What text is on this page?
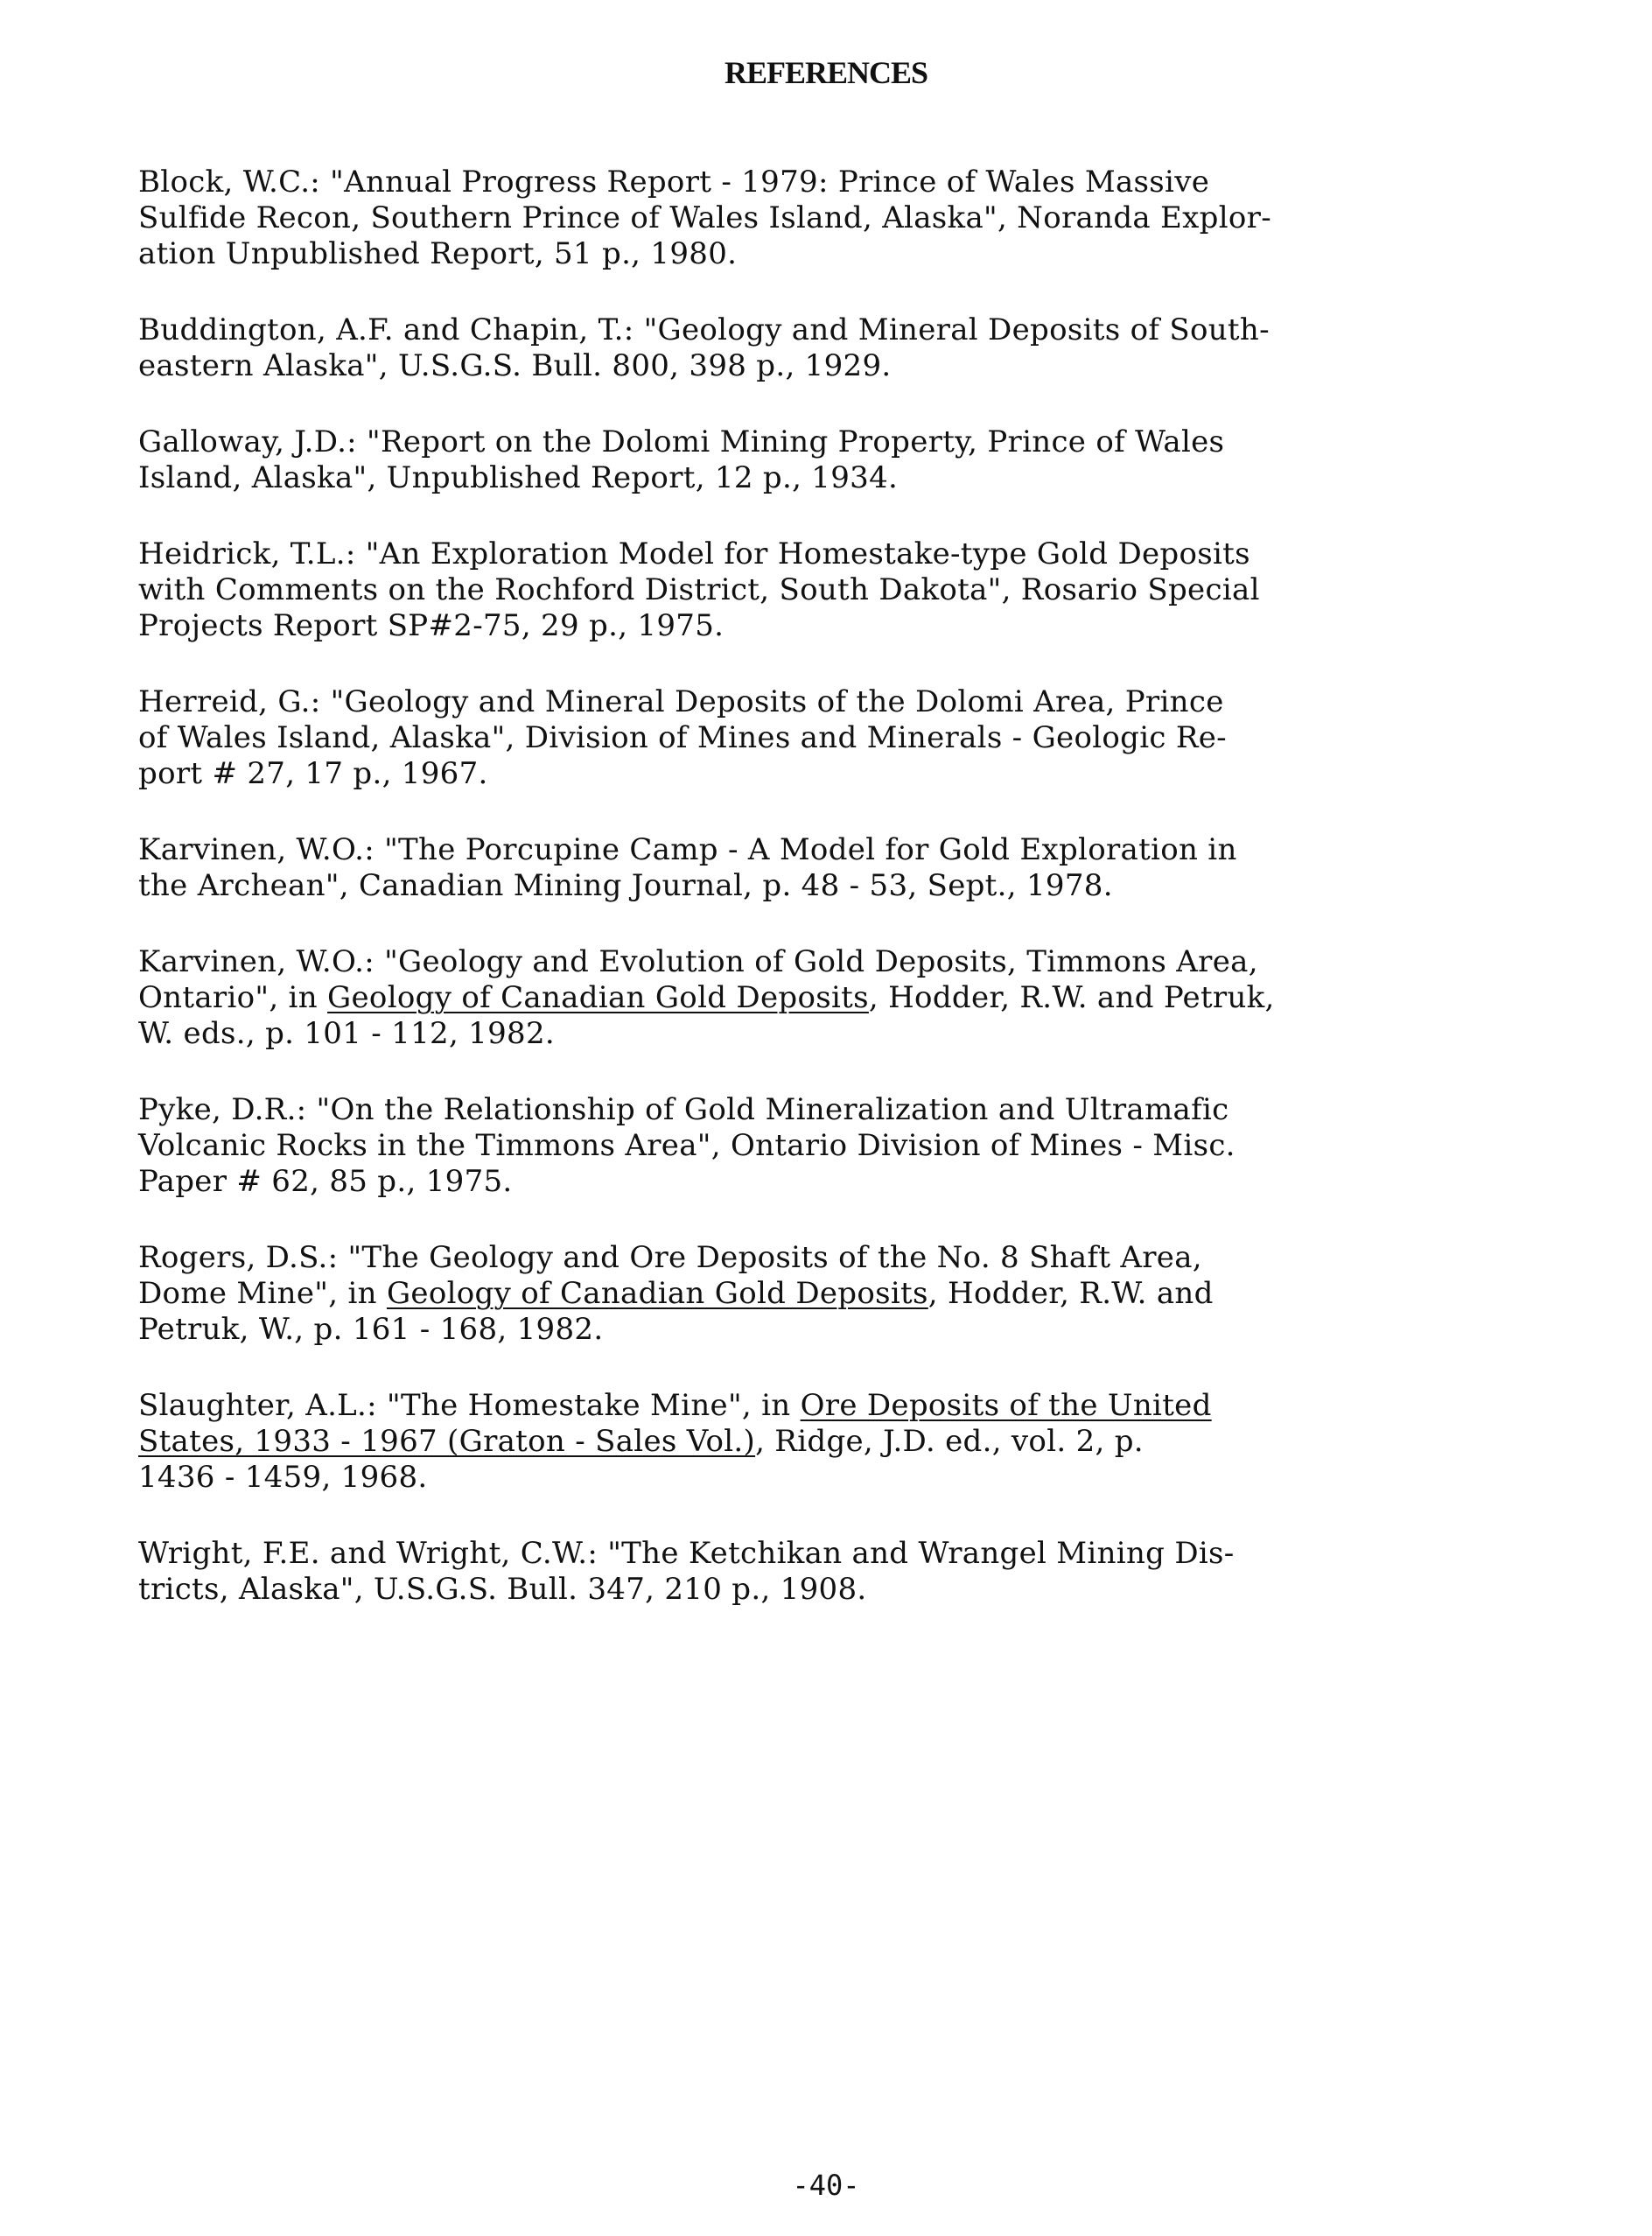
REFERENCES
Block, W.C.: "Annual Progress Report - 1979: Prince of Wales Massive
Sulfide Recon, Southern Prince of Wales Island, Alaska", Noranda Explor-
ation Unpublished Report, 51 p., 1980.
Buddington, A.F. and Chapin, T.: "Geology and Mineral Deposits of South-
eastern Alaska", U.S.G.S. Bull. 800, 398 p., 1929.
Galloway, J.D.: "Report on the Dolomi Mining Property, Prince of Wales
Island, Alaska", Unpublished Report, 12 p., 1934.
Heidrick, T.L.: "An Exploration Model for Homestake-type Gold Deposits
with Comments on the Rochford District, South Dakota", Rosario Special
Projects Report SP#2-75, 29 p., 1975.
Herreid, G.: "Geology and Mineral Deposits of the Dolomi Area, Prince
of Wales Island, Alaska", Division of Mines and Minerals - Geologic Re-
port # 27, 17 p., 1967.
Karvinen, W.O.: "The Porcupine Camp - A Model for Gold Exploration in
the Archean", Canadian Mining Journal, p. 48 - 53, Sept., 1978.
Karvinen, W.O.: "Geology and Evolution of Gold Deposits, Timmons Area,
Ontario", in Geology of Canadian Gold Deposits, Hodder, R.W. and Petruk,
W. eds., p. 101 - 112, 1982.
Pyke, D.R.: "On the Relationship of Gold Mineralization and Ultramafic
Volcanic Rocks in the Timmons Area", Ontario Division of Mines - Misc.
Paper # 62, 85 p., 1975.
Rogers, D.S.: "The Geology and Ore Deposits of the No. 8 Shaft Area,
Dome Mine", in Geology of Canadian Gold Deposits, Hodder, R.W. and
Petruk, W., p. 161 - 168, 1982.
Slaughter, A.L.: "The Homestake Mine", in Ore Deposits of the United
States, 1933 - 1967 (Graton - Sales Vol.), Ridge, J.D. ed., vol. 2, p.
1436 - 1459, 1968.
Wright, F.E. and Wright, C.W.: "The Ketchikan and Wrangel Mining Dis-
tricts, Alaska", U.S.G.S. Bull. 347, 210 p., 1908.

-40-
